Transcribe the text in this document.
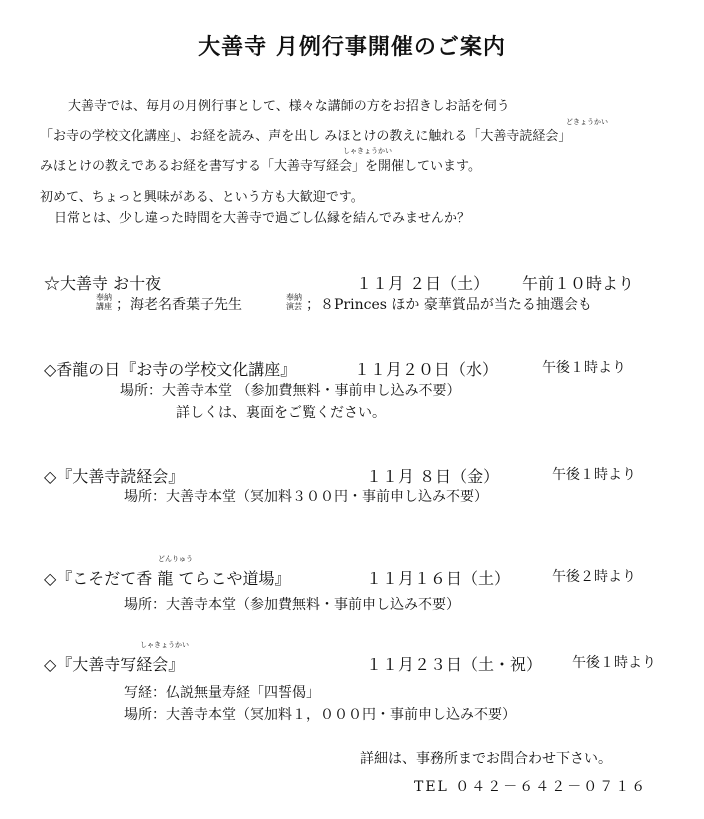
大善寺 月例行事開催のご案内
どきょうかい
しゃきょうかい
大善寺では、毎月の月例行事として、様々な講師の方をお招きしお話を伺う
「お寺の学校文化講座」、お経を読み、声を出し みほとけの教えに触れる「大善寺読経会」
みほとけの教えであるお経を書写する「大善寺写経会」を開催しています。
初めて、ちょっと興味がある、という方も大歓迎です。
日常とは、少し違った時間を大善寺で過ごし仏縁を結んでみませんか？
☆大善寺 お十夜	１１月 ２日（土） 午前１０時より
奉納
講座 ；海老名香葉子先生	奉納
演芸 ；８Princes ほか 豪華賞品が当たる抽選会も
◇香龍の日『お寺の学校文化講座』	１１月２０日（水）	午後１時より
場所：大善寺本堂 （参加費無料・事前申し込み不要）
詳しくは、裏面をご覧ください。
◇『大善寺読経会』	１１月 ８日（金）	午後１時より
場所：大善寺本堂（冥加料３００円・事前申し込み不要）
どんりゅう
◇『こそだて香 龍 てらこや道場』	１１月１６日（土）	午後２時より
場所：大善寺本堂（参加費無料・事前申し込み不要）
しゃきょうかい
◇『大善寺写経会』	１１月２３日（土・祝） 午後１時より
写経：仏説無量寿経「四誓偈」
場所：大善寺本堂（冥加料１，０００円・事前申し込み不要）
詳細は、事務所までお問合わせ下さい。
TEL ０４２－６４２－０７１６
